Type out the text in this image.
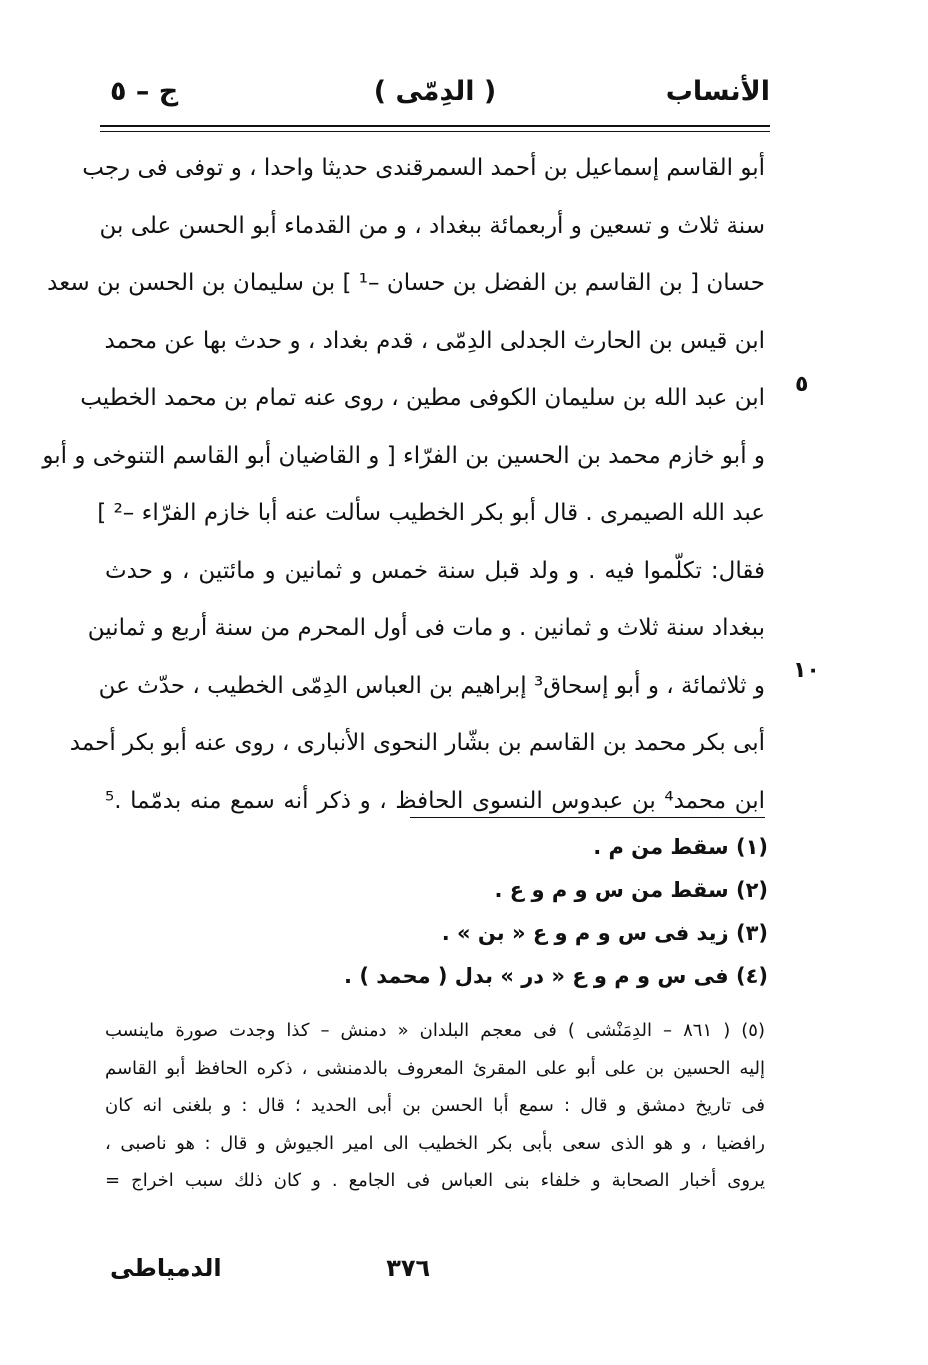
الأنساب
( الدِمّى )
ج – ٥
أبو القاسم إسماعيل بن أحمد السمرقندى حديثا واحدا ، و توفى فى رجب
سنة ثلاث و تسعين و أربعمائة ببغداد ، و من القدماء أبو الحسن على بن
حسان [ بن القاسم بن الفضل بن حسان –¹ ] بن سليمان بن الحسن بن سعد
ابن قيس بن الحارث الجدلى الدِمّى ، قدم بغداد ، و حدث بها عن محمد
ابن عبد الله بن سليمان الكوفى مطين ، روى عنه تمام بن محمد الخطيب
و أبو خازم محمد بن الحسين بن الفرّاء [ و القاضيان أبو القاسم التنوخى و أبو
عبد الله الصيمرى . قال أبو بكر الخطيب سألت عنه أبا خازم الفرّاء –² ]
فقال: تكلّموا فيه . و ولد قبل سنة خمس و ثمانين و مائتين ، و حدث
ببغداد سنة ثلاث و ثمانين . و مات فى أول المحرم من سنة أربع و ثمانين
و ثلاثمائة ، و أبو إسحاق³ إبراهيم بن العباس الدِمّى الخطيب ، حدّث عن
أبى بكر محمد بن القاسم بن بشّار النحوى الأنبارى ، روى عنه أبو بكر أحمد
ابن محمد⁴ بن عبدوس النسوى الحافظ ، و ذكر أنه سمع منه بدمّما .⁵
٥
١٠
(١) سقط من م .
(٢) سقط من س و م و ع .
(٣) زيد فى س و م و ع « بن » .
(٤) فى س و م و ع « در » بدل ( محمد ) .
(٥) ( ٨٦١ – الدِمَنْشى ) فى معجم البلدان « دمنش – كذا وجدت صورة ماينسب
إليه الحسين بن على أبو على المقرئ المعروف بالدمنشى ، ذكره الحافظ أبو القاسم
فى تاريخ دمشق و قال : سمع أبا الحسن بن أبى الحديد ؛ قال : و بلغنى انه كان
رافضيا ، و هو الذى سعى بأبى بكر الخطيب الى امير الجيوش و قال : هو ناصبى ،
يروى أخبار الصحابة و خلفاء بنى العباس فى الجامع . و كان ذلك سبب اخراج =
٣٧٦
الدمياطى
